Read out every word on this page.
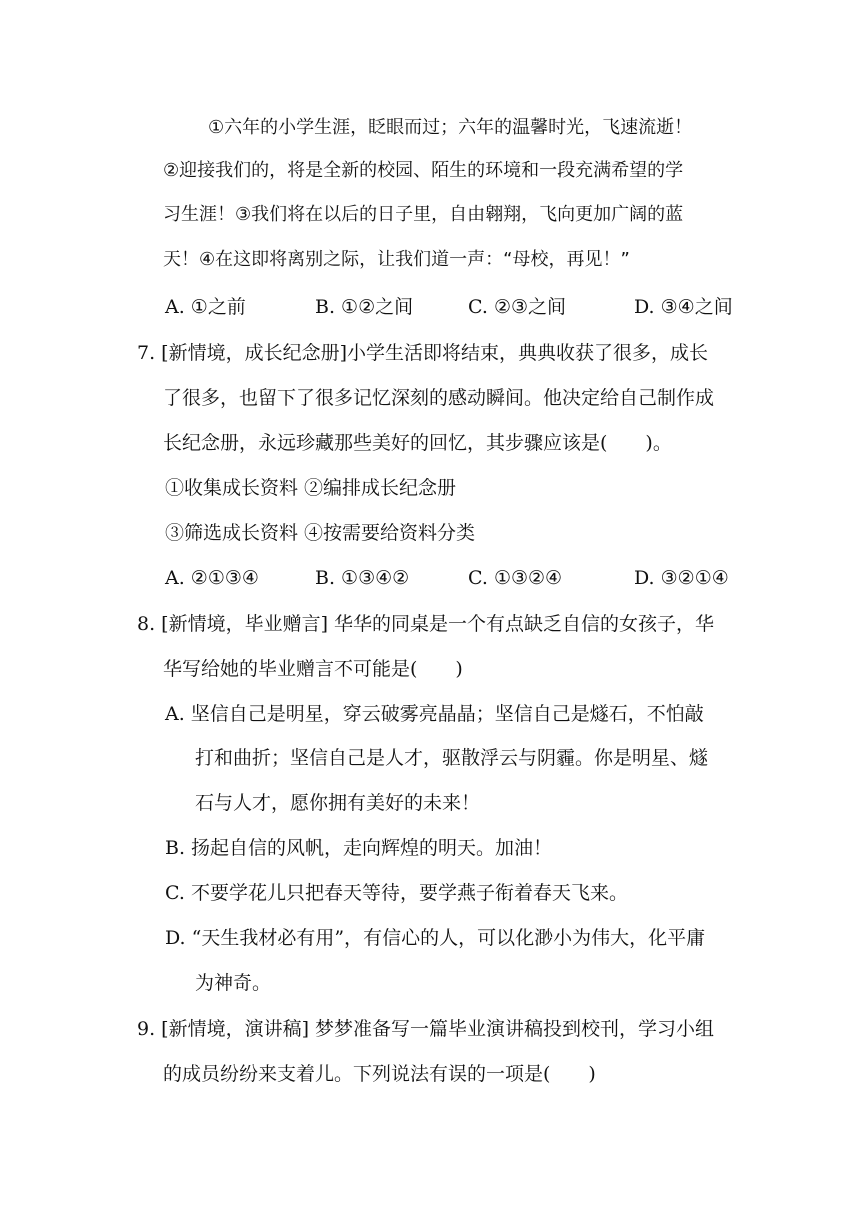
①六年的小学生涯，眨眼而过；六年的温馨时光，飞速流逝！
②迎接我们的，将是全新的校园、陌生的环境和一段充满希望的学
习生涯！③我们将在以后的日子里，自由翱翔，飞向更加广阔的蓝
天！④在这即将离别之际，让我们道一声：“母校，再见！”
A. ①之前	B. ①②之间	C. ②③之间	D. ③④之间
7. [新情境，成长纪念册]小学生活即将结束，典典收获了很多，成长
了很多，也留下了很多记忆深刻的感动瞬间。他决定给自己制作成
长纪念册，永远珍藏那些美好的回忆，其步骤应该是(　　)。
①收集成长资料 ②编排成长纪念册
③筛选成长资料 ④按需要给资料分类
A. ②①③④	B. ①③④②	C. ①③②④	D. ③②①④
8. [新情境，毕业赠言] 华华的同桌是一个有点缺乏自信的女孩子，华
华写给她的毕业赠言不可能是(　　)
A. 坚信自己是明星，穿云破雾亮晶晶；坚信自己是燧石，不怕敲
打和曲折；坚信自己是人才，驱散浮云与阴霾。你是明星、燧
石与人才，愿你拥有美好的未来！
B. 扬起自信的风帆，走向辉煌的明天。加油！
C. 不要学花儿只把春天等待，要学燕子衔着春天飞来。
D. “天生我材必有用”，有信心的人，可以化渺小为伟大，化平庸
为神奇。
9. [新情境，演讲稿] 梦梦准备写一篇毕业演讲稿投到校刊，学习小组
的成员纷纷来支着儿。下列说法有误的一项是(　　)
